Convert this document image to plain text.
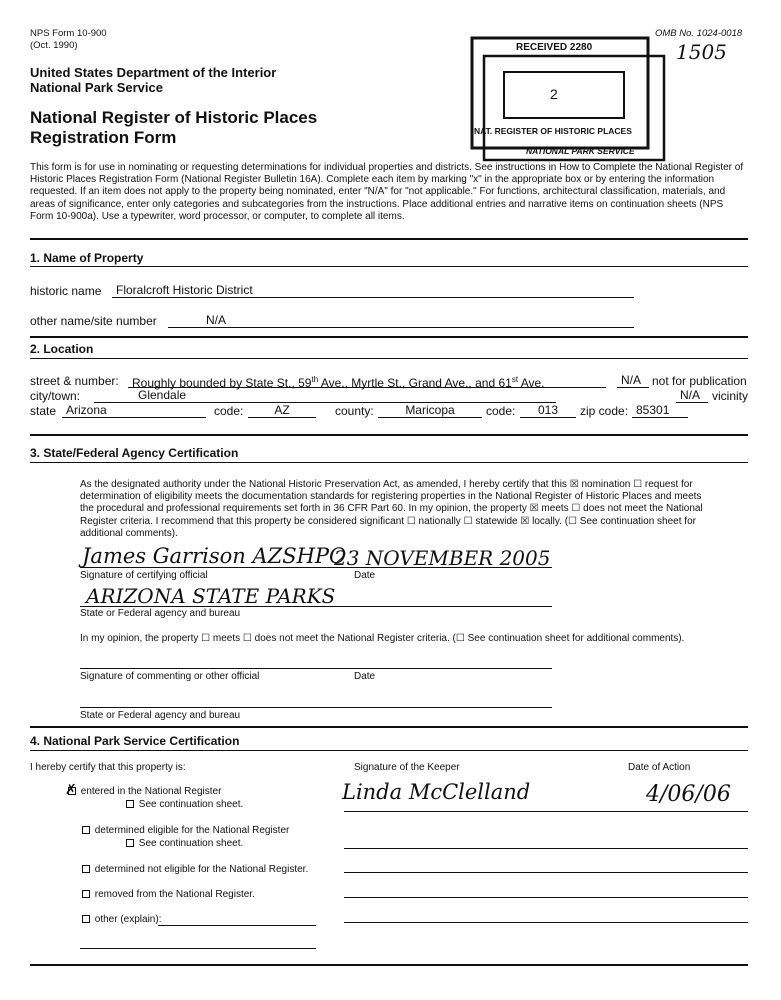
NPS Form 10-900
(Oct. 1990)
OMB No. 1024-0018
1505
United States Department of the Interior
National Park Service
National Register of Historic Places
Registration Form
RECEIVED 2280
2
NAT. REGISTER OF HISTORIC PLACES
NATIONAL PARK SERVICE
This form is for use in nominating or requesting determinations for individual properties and districts. See instructions in How to Complete the National Register of Historic Places Registration Form (National Register Bulletin 16A). Complete each item by marking "x" in the appropriate box or by entering the information requested. If an item does not apply to the property being nominated, enter "N/A" for "not applicable." For functions, architectural classification, materials, and areas of significance, enter only categories and subcategories from the instructions. Place additional entries and narrative items on continuation sheets (NPS Form 10-900a). Use a typewriter, word processor, or computer, to complete all items.
1. Name of Property
historic name	Floralcroft Historic District
other name/site number	N/A
2. Location
street & number:	Roughly bounded by State St., 59th Ave., Myrtle St., Grand Ave., and 61st Ave.	N/A not for publication
city/town:	Glendale	N/A vicinity
state Arizona	code:	AZ	county:	Maricopa	code:	013	zip code: 85301
3. State/Federal Agency Certification
As the designated authority under the National Historic Preservation Act, as amended, I hereby certify that this ☒ nomination ☐ request for determination of eligibility meets the documentation standards for registering properties in the National Register of Historic Places and meets the procedural and professional requirements set forth in 36 CFR Part 60. In my opinion, the property ☒ meets ☐ does not meet the National Register criteria. I recommend that this property be considered significant ☐ nationally ☐ statewide ☒ locally. (☐ See continuation sheet for additional comments).
James Garrison AZSHPO
23 NOVEMBER 2005
Signature of certifying official	Date
ARIZONA STATE PARKS
State or Federal agency and bureau
In my opinion, the property ☐ meets ☐ does not meet the National Register criteria. (☐ See continuation sheet for additional comments).
Signature of commenting or other official	Date
State or Federal agency and bureau
4. National Park Service Certification
I hereby certify that this property is:	Signature of the Keeper	Date of Action
✗ entered in the National Register
See continuation sheet.
Linda McClelland	4/06/06
determined eligible for the National Register
See continuation sheet.
determined not eligible for the National Register.
removed from the National Register.
other (explain):
